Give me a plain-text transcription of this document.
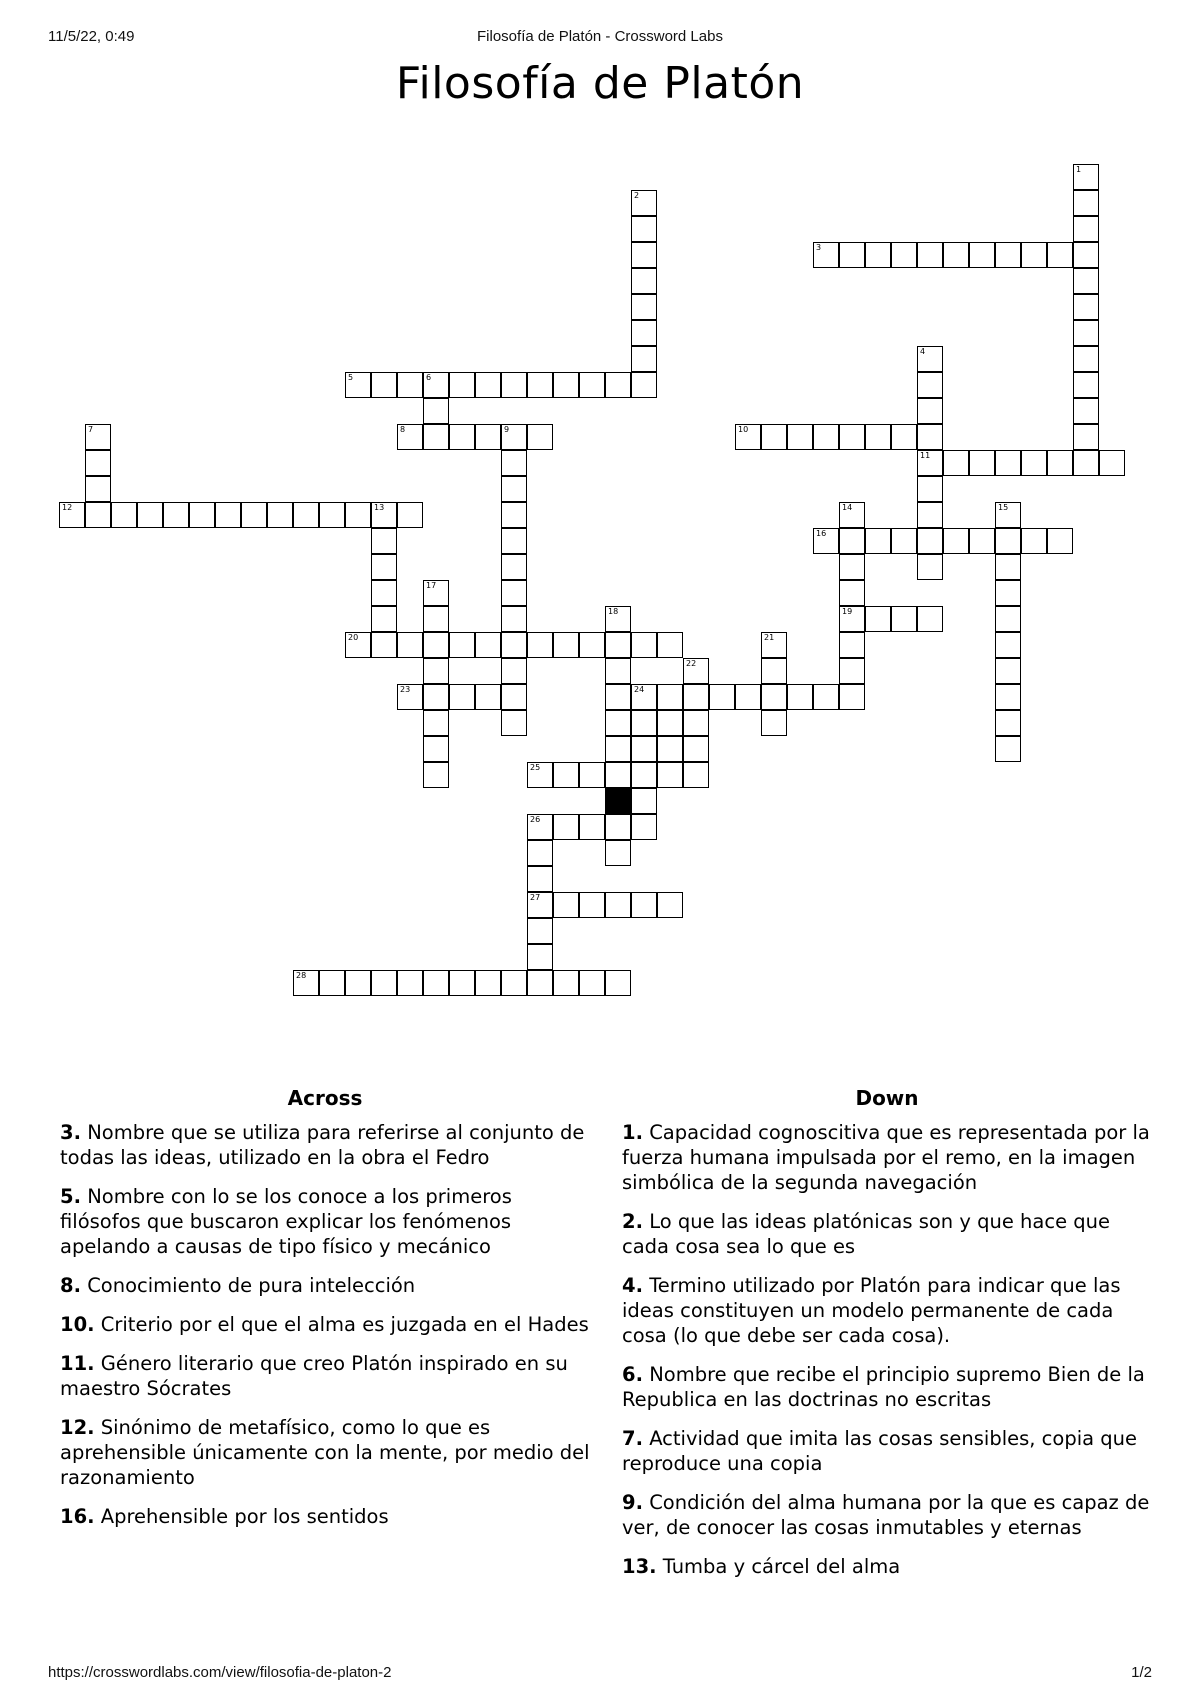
11/5/22, 0:49	Filosofía de Platón - Crossword Labs
Filosofía de Platón
1
2
3
4
11
5	6
7	8	9	10
12	13	14
19
15
16
17
18
20	21
22
23	24
25
26
27
28
Across
3. Nombre que se utiliza para referirse al conjunto de todas las ideas, utilizado en la obra el Fedro
5. Nombre con lo se los conoce a los primeros filósofos que buscaron explicar los fenómenos apelando a causas de tipo físico y mecánico
8. Conocimiento de pura intelección
10. Criterio por el que el alma es juzgada en el Hades
11. Género literario que creo Platón inspirado en su maestro Sócrates
12. Sinónimo de metafísico, como lo que es aprehensible únicamente con la mente, por medio del razonamiento
16. Aprehensible por los sentidos
Down
1. Capacidad cognoscitiva que es representada por la fuerza humana impulsada por el remo, en la imagen simbólica de la segunda navegación
2. Lo que las ideas platónicas son y que hace que cada cosa sea lo que es
4. Termino utilizado por Platón para indicar que las ideas constituyen un modelo permanente de cada cosa (lo que debe ser cada cosa).
6. Nombre que recibe el principio supremo Bien de la Republica en las doctrinas no escritas
7. Actividad que imita las cosas sensibles, copia que reproduce una copia
9. Condición del alma humana por la que es capaz de ver, de conocer las cosas inmutables y eternas
13. Tumba y cárcel del alma
https://crosswordlabs.com/view/filosofia-de-platon-2	1/2
